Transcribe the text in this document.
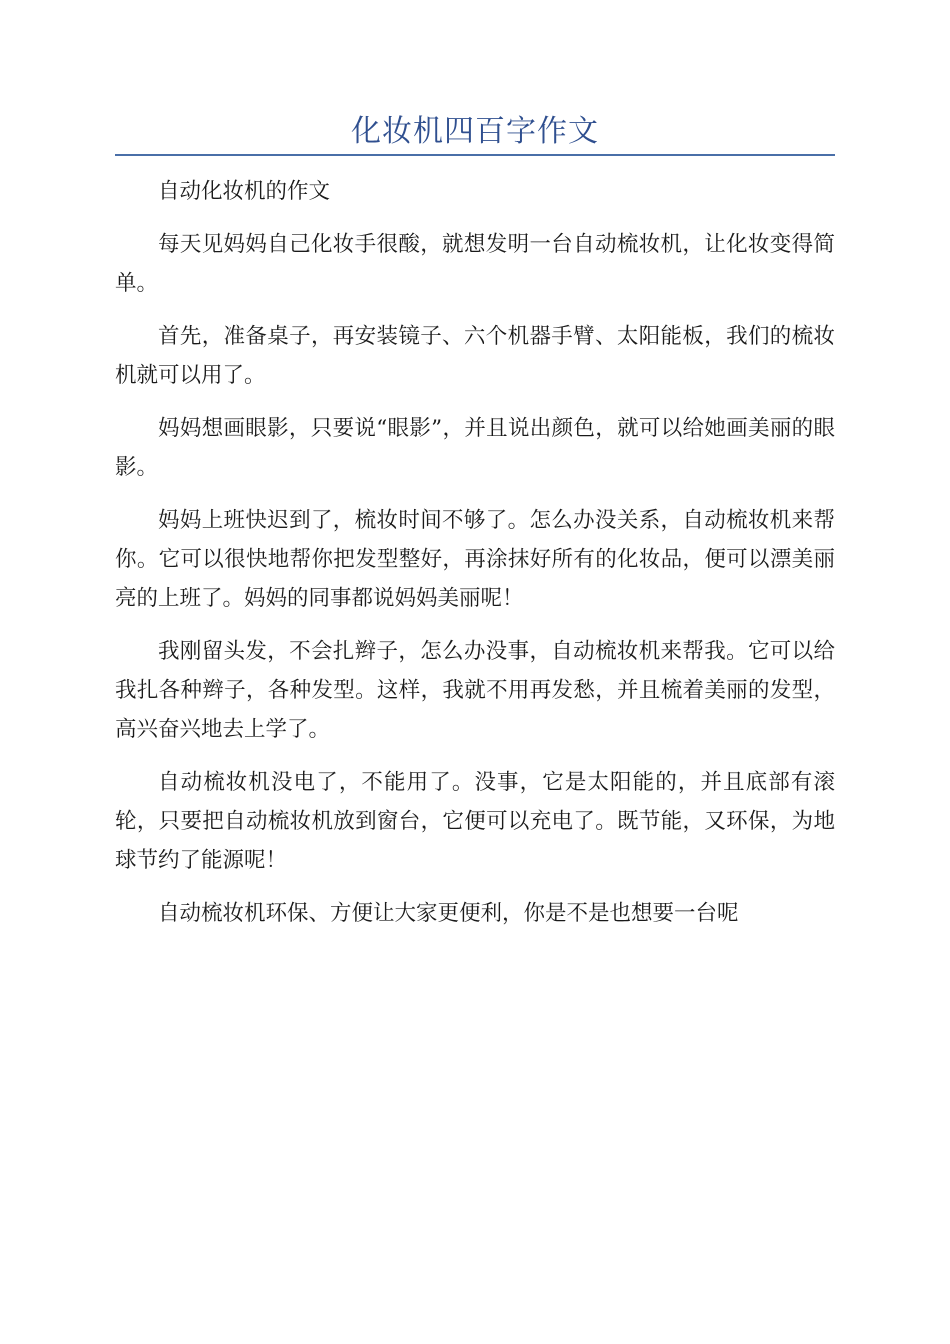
化妆机四百字作文

自动化妆机的作文

每天见妈妈自己化妆手很酸，就想发明一台自动梳妆机，让化妆变得简单。

首先，准备桌子，再安装镜子、六个机器手臂、太阳能板，我们的梳妆机就可以用了。

妈妈想画眼影，只要说“眼影”，并且说出颜色，就可以给她画美丽的眼影。

妈妈上班快迟到了，梳妆时间不够了。怎么办没关系，自动梳妆机来帮你。它可以很快地帮你把发型整好，再涂抹好所有的化妆品，便可以漂美丽亮的上班了。妈妈的同事都说妈妈美丽呢！

我刚留头发，不会扎辫子，怎么办没事，自动梳妆机来帮我。它可以给我扎各种辫子，各种发型。这样，我就不用再发愁，并且梳着美丽的发型，高兴奋兴地去上学了。

自动梳妆机没电了，不能用了。没事，它是太阳能的，并且底部有滚轮，只要把自动梳妆机放到窗台，它便可以充电了。既节能，又环保，为地球节约了能源呢！

自动梳妆机环保、方便让大家更便利，你是不是也想要一台呢
